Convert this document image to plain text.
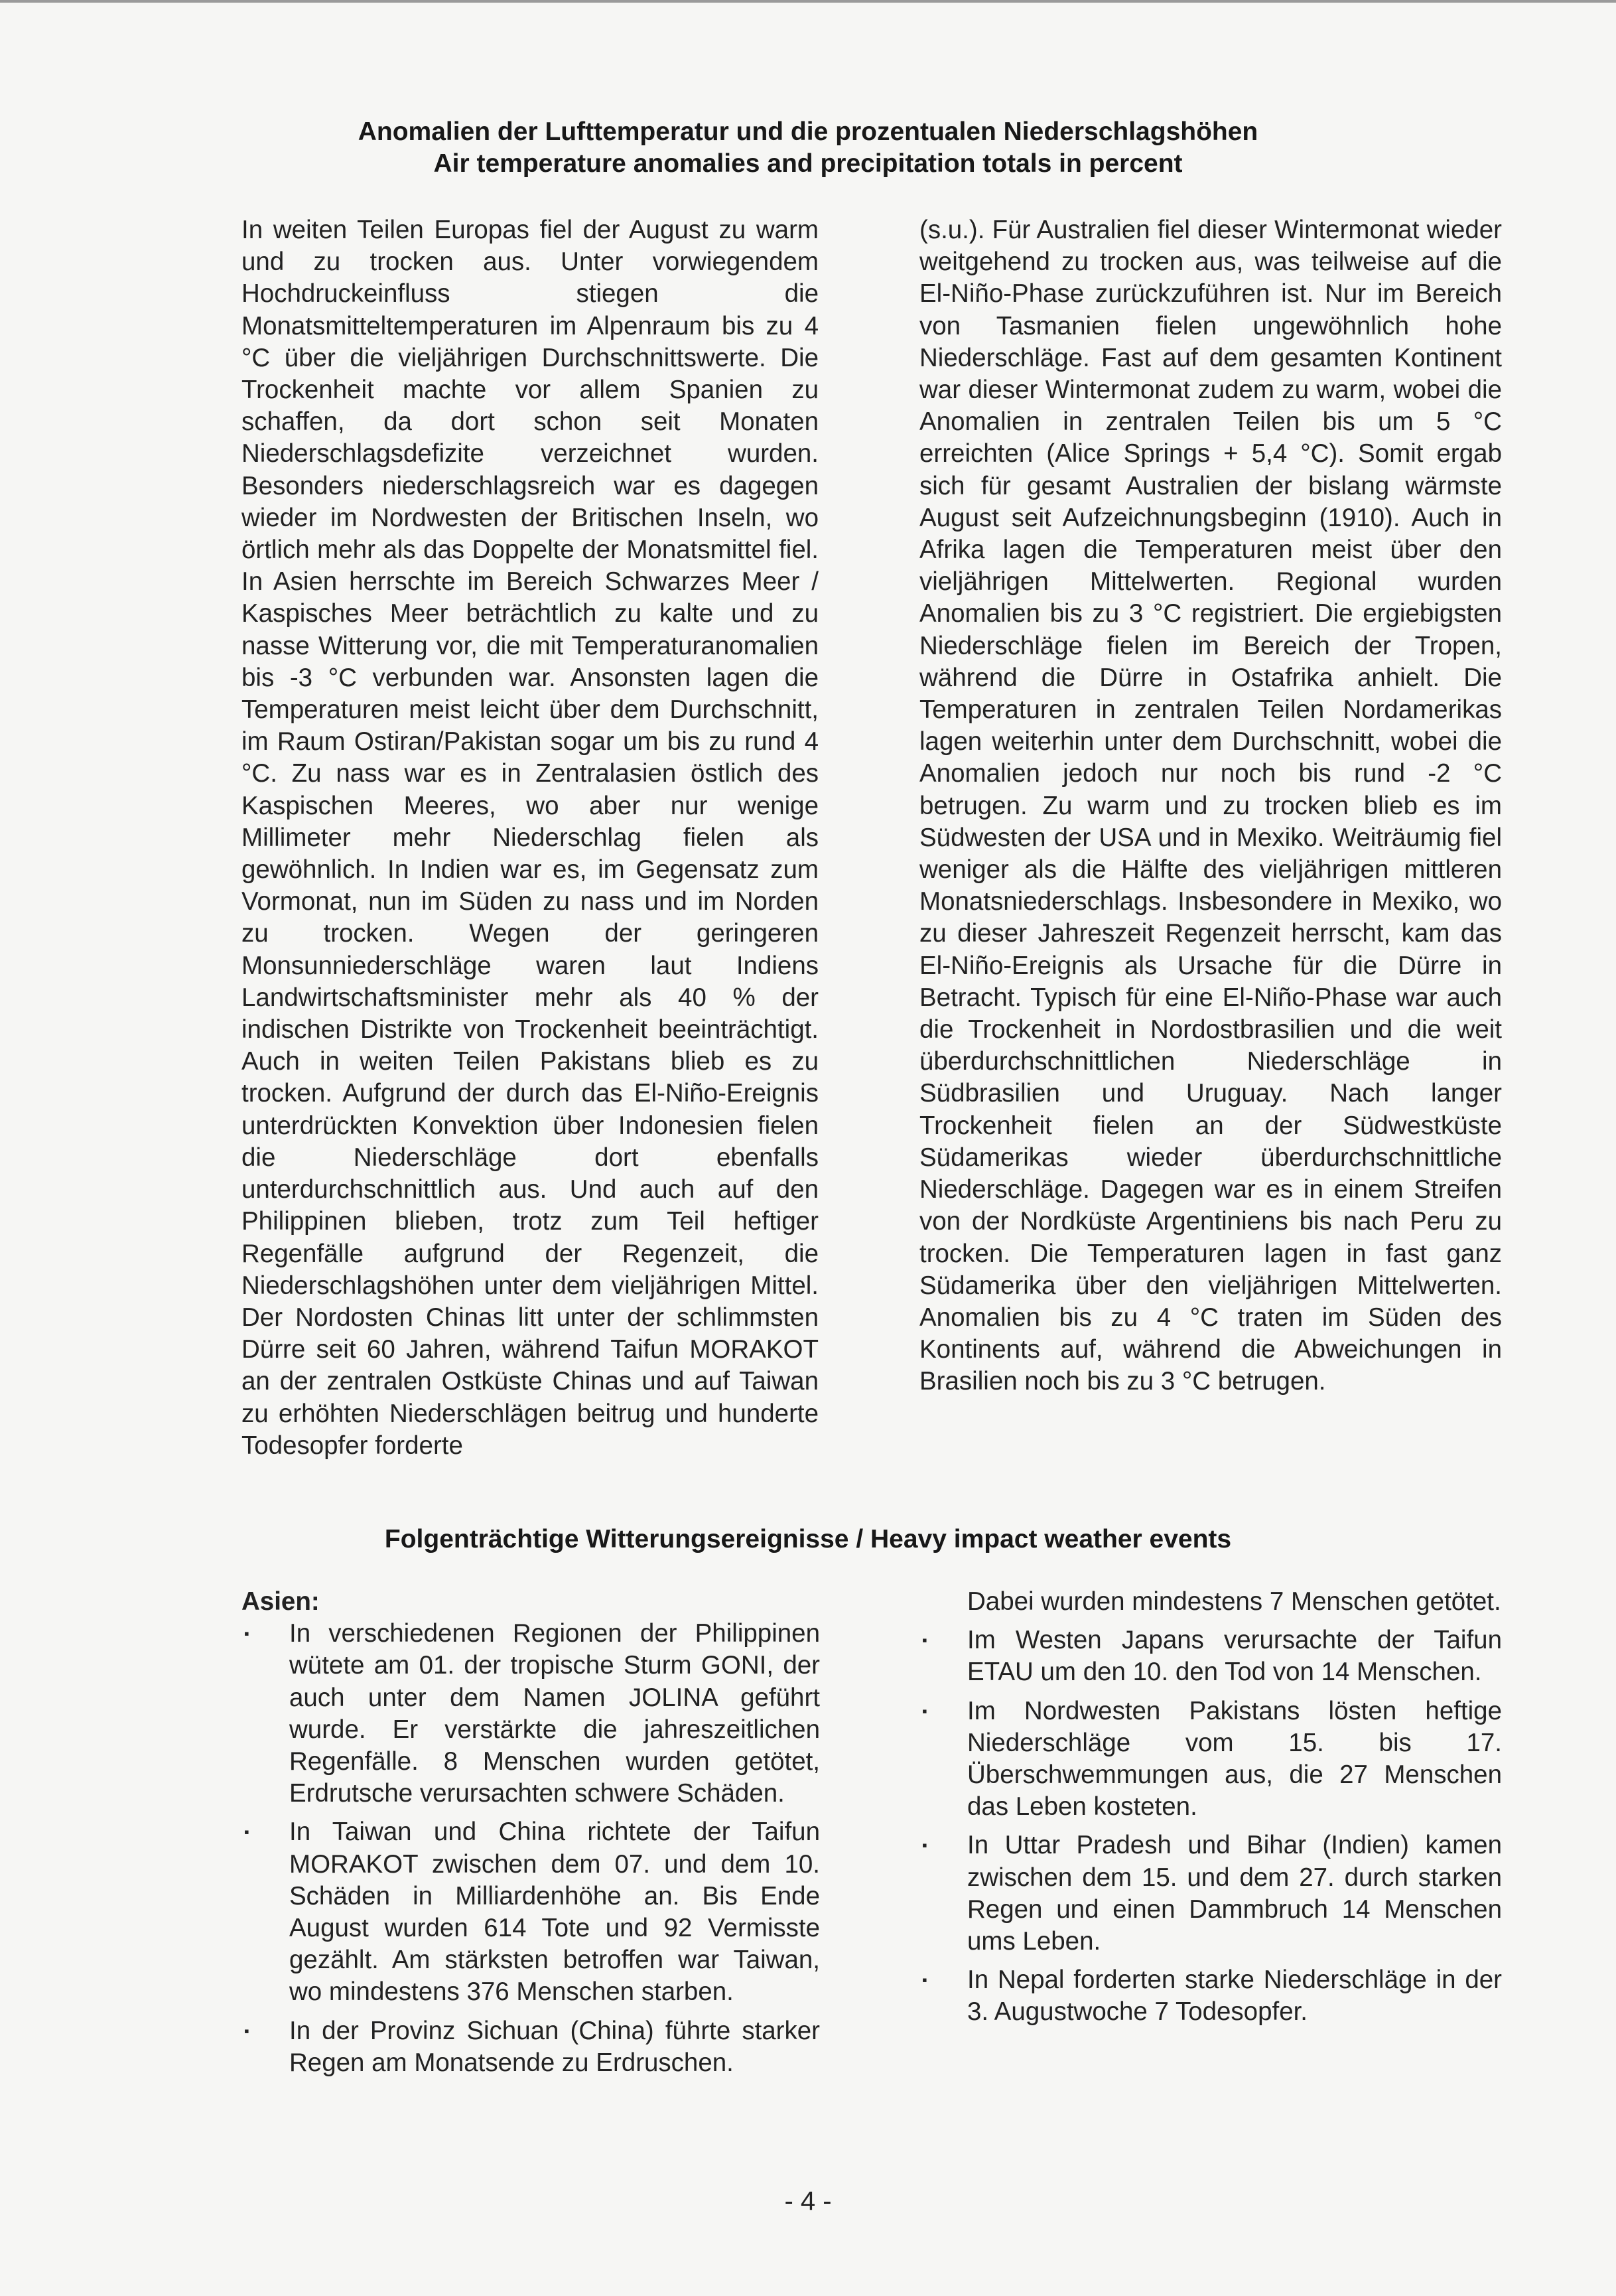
Anomalien der Lufttemperatur und die prozentualen Niederschlagshöhen
Air temperature anomalies and precipitation totals in percent

In weiten Teilen Europas fiel der August zu warm und zu trocken aus. Unter vorwiegendem Hochdruckeinfluss stiegen die Monatsmitteltemperaturen im Alpenraum bis zu 4 °C über die vieljährigen Durchschnittswerte. Die Trockenheit machte vor allem Spanien zu schaffen, da dort schon seit Monaten Niederschlagsdefizite verzeichnet wurden. Besonders niederschlagsreich war es dagegen wieder im Nordwesten der Britischen Inseln, wo örtlich mehr als das Doppelte der Monatsmittel fiel. In Asien herrschte im Bereich Schwarzes Meer / Kaspisches Meer beträchtlich zu kalte und zu nasse Witterung vor, die mit Temperaturanomalien bis -3 °C verbunden war. Ansonsten lagen die Temperaturen meist leicht über dem Durchschnitt, im Raum Ostiran/Pakistan sogar um bis zu rund 4 °C. Zu nass war es in Zentralasien östlich des Kaspischen Meeres, wo aber nur wenige Millimeter mehr Niederschlag fielen als gewöhnlich. In Indien war es, im Gegensatz zum Vormonat, nun im Süden zu nass und im Norden zu trocken. Wegen der geringeren Monsunniederschläge waren laut Indiens Landwirtschaftsminister mehr als 40 % der indischen Distrikte von Trockenheit beeinträchtigt. Auch in weiten Teilen Pakistans blieb es zu trocken. Aufgrund der durch das El-Niño-Ereignis unterdrückten Konvektion über Indonesien fielen die Niederschläge dort ebenfalls unterdurchschnittlich aus. Und auch auf den Philippinen blieben, trotz zum Teil heftiger Regenfälle aufgrund der Regenzeit, die Niederschlagshöhen unter dem vieljährigen Mittel. Der Nordosten Chinas litt unter der schlimmsten Dürre seit 60 Jahren, während Taifun MORAKOT an der zentralen Ostküste Chinas und auf Taiwan zu erhöhten Niederschlägen beitrug und hunderte Todesopfer forderte

(s.u.). Für Australien fiel dieser Wintermonat wieder weitgehend zu trocken aus, was teilweise auf die El-Niño-Phase zurückzuführen ist. Nur im Bereich von Tasmanien fielen ungewöhnlich hohe Niederschläge. Fast auf dem gesamten Kontinent war dieser Wintermonat zudem zu warm, wobei die Anomalien in zentralen Teilen bis um 5 °C erreichten (Alice Springs + 5,4 °C). Somit ergab sich für gesamt Australien der bislang wärmste August seit Aufzeichnungsbeginn (1910). Auch in Afrika lagen die Temperaturen meist über den vieljährigen Mittelwerten. Regional wurden Anomalien bis zu 3 °C registriert. Die ergiebigsten Niederschläge fielen im Bereich der Tropen, während die Dürre in Ostafrika anhielt. Die Temperaturen in zentralen Teilen Nordamerikas lagen weiterhin unter dem Durchschnitt, wobei die Anomalien jedoch nur noch bis rund -2 °C betrugen. Zu warm und zu trocken blieb es im Südwesten der USA und in Mexiko. Weiträumig fiel weniger als die Hälfte des vieljährigen mittleren Monatsniederschlags. Insbesondere in Mexiko, wo zu dieser Jahreszeit Regenzeit herrscht, kam das El-Niño-Ereignis als Ursache für die Dürre in Betracht. Typisch für eine El-Niño-Phase war auch die Trockenheit in Nordostbrasilien und die weit überdurchschnittlichen Niederschläge in Südbrasilien und Uruguay. Nach langer Trockenheit fielen an der Südwestküste Südamerikas wieder überdurchschnittliche Niederschläge. Dagegen war es in einem Streifen von der Nordküste Argentiniens bis nach Peru zu trocken. Die Temperaturen lagen in fast ganz Südamerika über den vieljährigen Mittelwerten. Anomalien bis zu 4 °C traten im Süden des Kontinents auf, während die Abweichungen in Brasilien noch bis zu 3 °C betrugen.

Folgenträchtige Witterungsereignisse / Heavy impact weather events

Asien:

▪ In verschiedenen Regionen der Philippinen wütete am 01. der tropische Sturm GONI, der auch unter dem Namen JOLINA geführt wurde. Er verstärkte die jahreszeitlichen Regenfälle. 8 Menschen wurden getötet, Erdrutsche verursachten schwere Schäden.
▪ In Taiwan und China richtete der Taifun MORAKOT zwischen dem 07. und dem 10. Schäden in Milliardenhöhe an. Bis Ende August wurden 614 Tote und 92 Vermisste gezählt. Am stärksten betroffen war Taiwan, wo mindestens 376 Menschen starben.
▪ In der Provinz Sichuan (China) führte starker Regen am Monatsende zu Erdruschen.

Dabei wurden mindestens 7 Menschen getötet.

▪ Im Westen Japans verursachte der Taifun ETAU um den 10. den Tod von 14 Menschen.
▪ Im Nordwesten Pakistans lösten heftige Niederschläge vom 15. bis 17. Überschwemmungen aus, die 27 Menschen das Leben kosteten.
▪ In Uttar Pradesh und Bihar (Indien) kamen zwischen dem 15. und dem 27. durch starken Regen und einen Dammbruch 14 Menschen ums Leben.
▪ In Nepal forderten starke Niederschläge in der 3. Augustwoche 7 Todesopfer.
- 4 -
